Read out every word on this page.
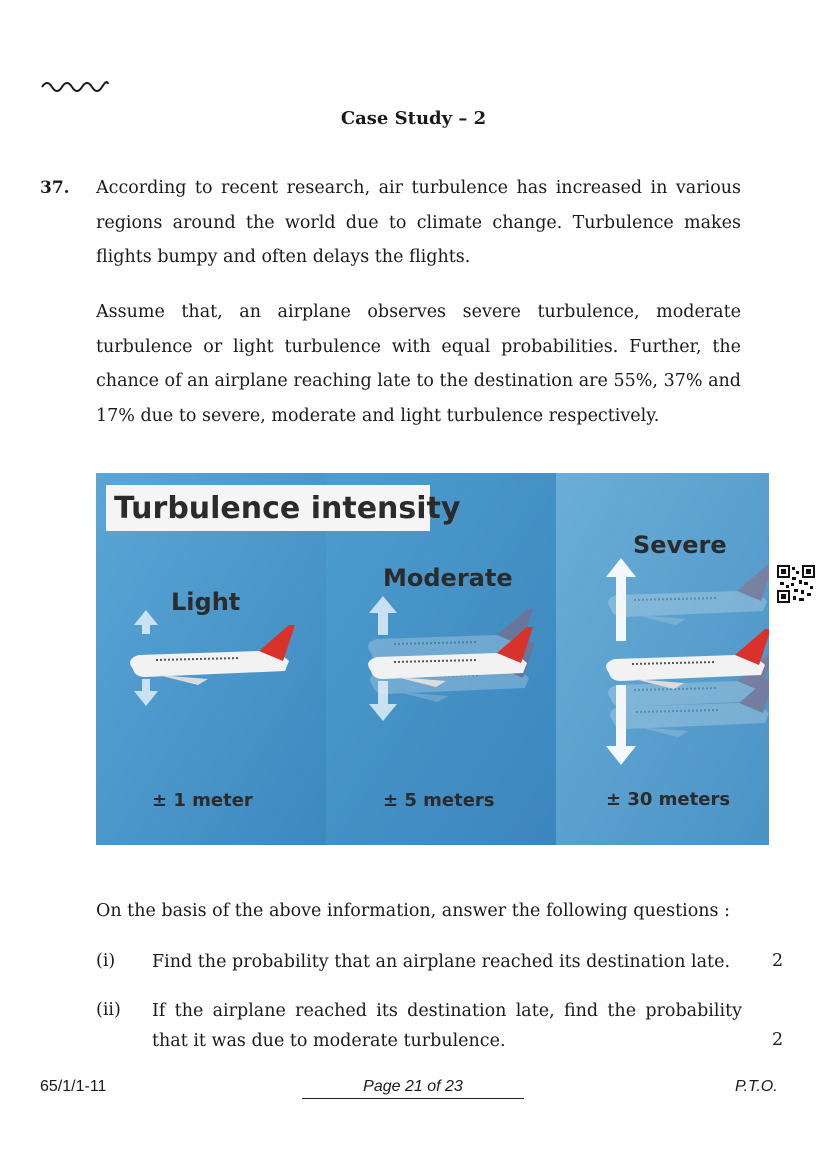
Case Study – 2
37. According to recent research, air turbulence has increased in various regions around the world due to climate change. Turbulence makes flights bumpy and often delays the flights.

Assume that, an airplane observes severe turbulence, moderate turbulence or light turbulence with equal probabilities. Further, the chance of an airplane reaching late to the destination are 55%, 37% and 17% due to severe, moderate and light turbulence respectively.

Turbulence intensity
Light
Moderate
Severe
± 1 meter	± 5 meters	± 30 meters
On the basis of the above information, answer the following questions :
(i) Find the probability that an airplane reached its destination late.	2
(ii) If the airplane reached its destination late, find the probability that it was due to moderate turbulence.	2
65/1/1-11	Page 21 of 23	P.T.O.
